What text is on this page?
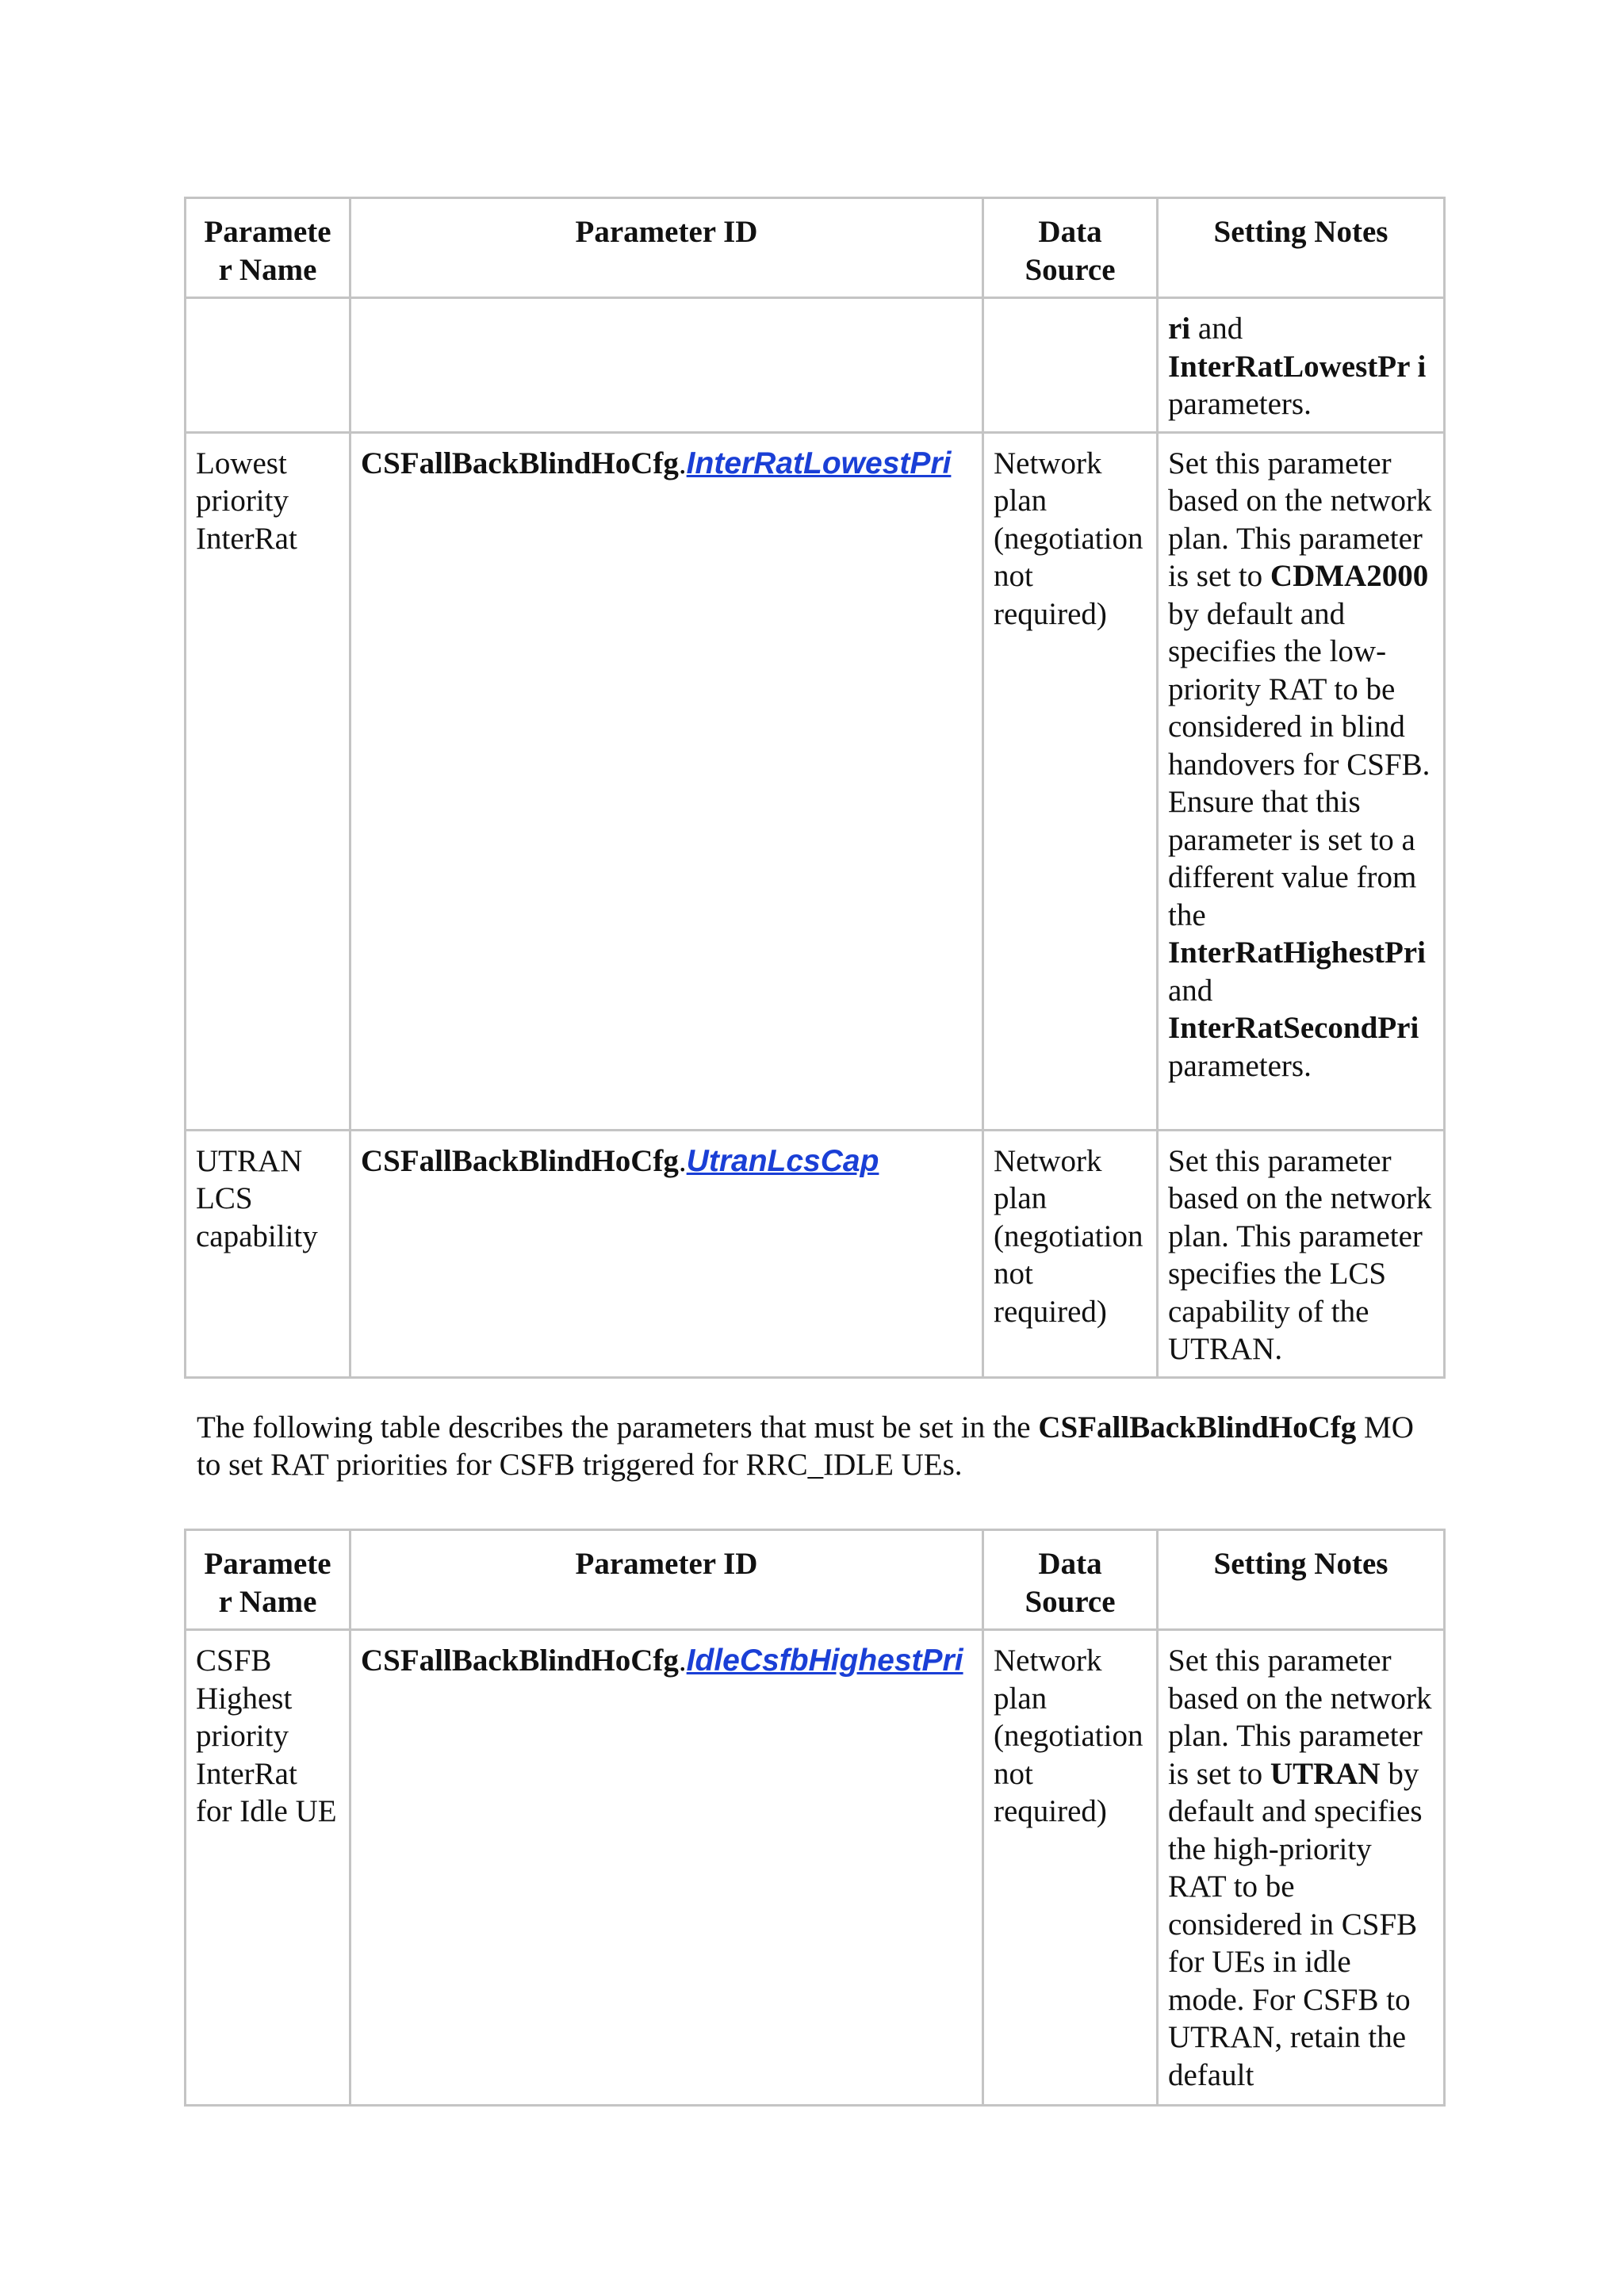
Paramete r Name	Parameter ID	Data Source	Setting Notes
			ri and InterRatLowestPr i parameters.
Lowest priority InterRat	CSFallBackBlindHoCfg.InterRatLowestPri	Network plan (negotiation not required)	Set this parameter based on the network plan. This parameter is set to CDMA2000 by default and specifies the low-priority RAT to be considered in blind handovers for CSFB. Ensure that this parameter is set to a different value from the InterRatHighestPri and InterRatSecondPri parameters.
UTRAN LCS capability	CSFallBackBlindHoCfg.UtranLcsCap	Network plan (negotiation not required)	Set this parameter based on the network plan. This parameter specifies the LCS capability of the UTRAN.
The following table describes the parameters that must be set in the CSFallBackBlindHoCfg MO to set RAT priorities for CSFB triggered for RRC_IDLE UEs.
Paramete r Name	Parameter ID	Data Source	Setting Notes
CSFB Highest priority InterRat for Idle UE	CSFallBackBlindHoCfg.IdleCsfbHighestPri	Network plan (negotiation not required)	Set this parameter based on the network plan. This parameter is set to UTRAN by default and specifies the high-priority RAT to be considered in CSFB for UEs in idle mode. For CSFB to UTRAN, retain the default
